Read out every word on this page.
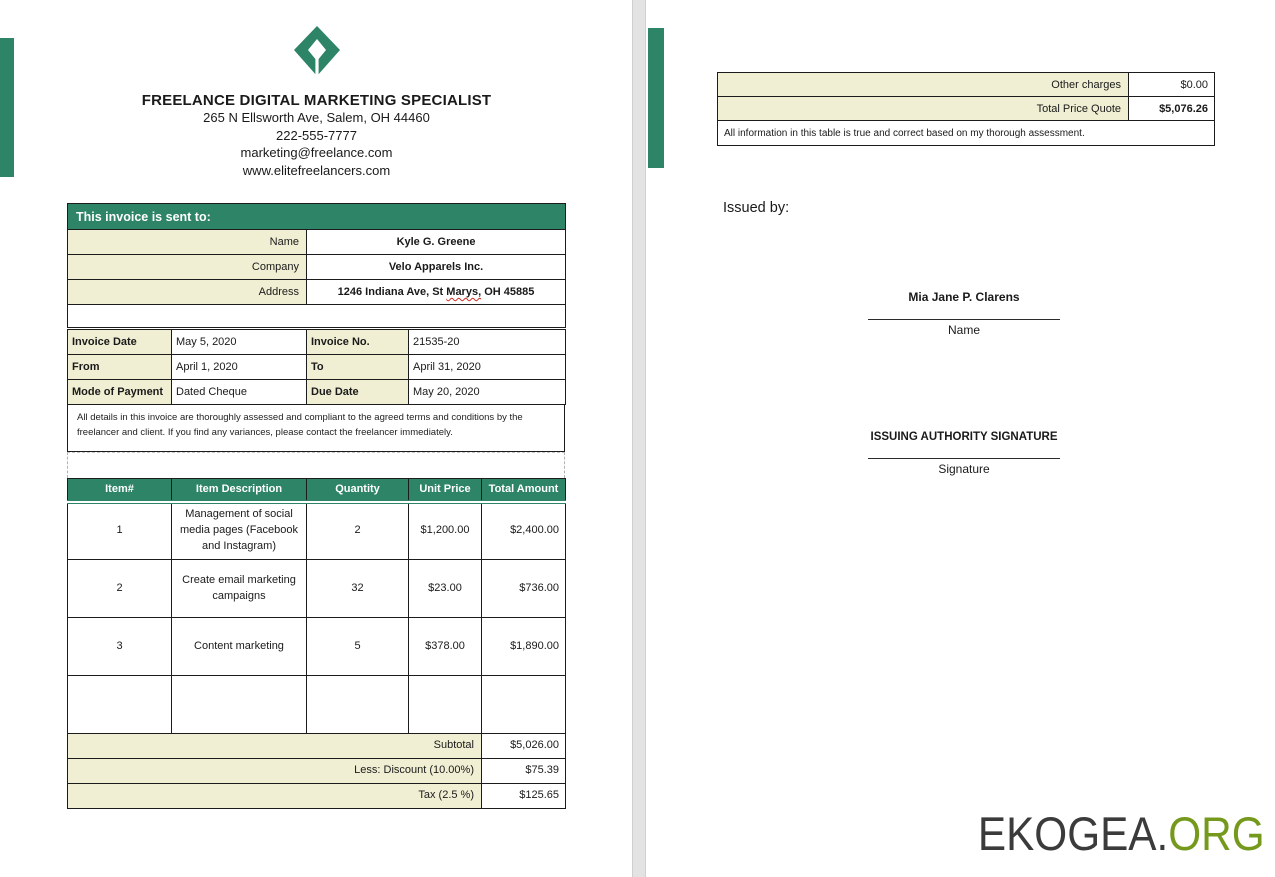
FREELANCE DIGITAL MARKETING SPECIALIST
265 N Ellsworth Ave, Salem, OH 44460
222-555-7777
marketing@freelance.com
www.elitefreelancers.com
This invoice is sent to:	
Name	Kyle G. Greene
Company	Velo Apparels Inc.
Address	1246 Indiana Ave, St Marys, OH 45885

Invoice Date	May 5, 2020	Invoice No.	21535-20
From	April 1, 2020	To	April 31, 2020
Mode of Payment	Dated Cheque	Due Date	May 20, 2020
All details in this invoice are thoroughly assessed and compliant to the agreed terms and conditions by the freelancer and client. If you find any variances, please contact the freelancer immediately.
Item#	Item Description	Quantity	Unit Price	Total Amount
1	Management of social media pages (Facebook and Instagram)	2	$1,200.00	$2,400.00
2	Create email marketing campaigns	32	$23.00	$736.00
3	Content marketing	5	$378.00	$1,890.00

Subtotal				$5,026.00
Less: Discount (10.00%)				$75.39
Tax (2.5 %)				$125.65
Other charges	$0.00
Total Price Quote	$5,076.26
All information in this table is true and correct based on my thorough assessment.	
Issued by:
Mia Jane P. Clarens
Name
ISSUING AUTHORITY SIGNATURE
Signature
EKOGEA.ORG
